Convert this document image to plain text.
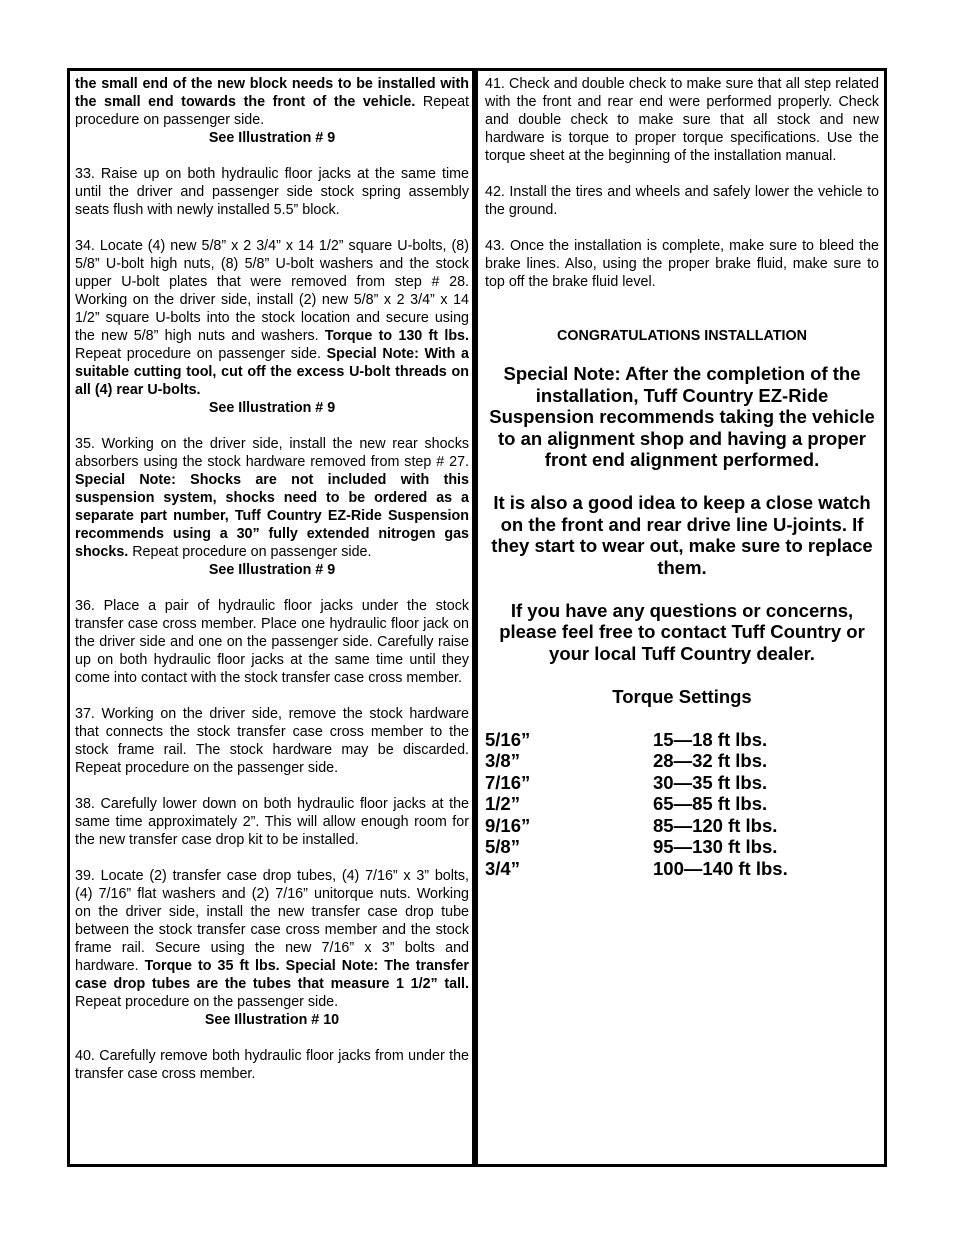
the small end of the new block needs to be installed with the small end towards the front of the vehicle. Repeat procedure on passenger side.

See Illustration # 9

33. Raise up on both hydraulic floor jacks at the same time until the driver and passenger side stock spring assembly seats flush with newly installed 5.5” block.

34. Locate (4) new 5/8” x 2 3/4” x 14 1/2” square U-bolts, (8) 5/8” U-bolt high nuts, (8) 5/8” U-bolt washers and the stock upper U-bolt plates that were removed from step # 28. Working on the driver side, install (2) new 5/8” x 2 3/4” x 14 1/2” square U-bolts into the stock location and secure using the new 5/8” high nuts and washers. Torque to 130 ft lbs. Repeat procedure on passenger side. Special Note: With a suitable cutting tool, cut off the excess U-bolt threads on all (4) rear U-bolts.

See Illustration # 9

35. Working on the driver side, install the new rear shocks absorbers using the stock hardware removed from step # 27. Special Note: Shocks are not included with this suspension system, shocks need to be ordered as a separate part number, Tuff Country EZ-Ride Suspension recommends using a 30” fully extended nitrogen gas shocks. Repeat procedure on passenger side.

See Illustration # 9

36. Place a pair of hydraulic floor jacks under the stock transfer case cross member. Place one hydraulic floor jack on the driver side and one on the passenger side. Carefully raise up on both hydraulic floor jacks at the same time until they come into contact with the stock transfer case cross member.

37. Working on the driver side, remove the stock hardware that connects the stock transfer case cross member to the stock frame rail. The stock hardware may be discarded. Repeat procedure on the passenger side.

38. Carefully lower down on both hydraulic floor jacks at the same time approximately 2”. This will allow enough room for the new transfer case drop kit to be installed.

39. Locate (2) transfer case drop tubes, (4) 7/16” x 3” bolts, (4) 7/16” flat washers and (2) 7/16” unitorque nuts. Working on the driver side, install the new transfer case drop tube between the stock transfer case cross member and the stock frame rail. Secure using the new 7/16” x 3” bolts and hardware. Torque to 35 ft lbs. Special Note: The transfer case drop tubes are the tubes that measure 1 1/2” tall. Repeat procedure on the passenger side.

See Illustration # 10

40. Carefully remove both hydraulic floor jacks from under the transfer case cross member.

41. Check and double check to make sure that all step related with the front and rear end were performed properly. Check and double check to make sure that all stock and new hardware is torque to proper torque specifications. Use the torque sheet at the beginning of the installation manual.

42. Install the tires and wheels and safely lower the vehicle to the ground.

43. Once the installation is complete, make sure to bleed the brake lines. Also, using the proper brake fluid, make sure to top off the brake fluid level.

CONGRATULATIONS INSTALLATION
Special Note: After the completion of the installation, Tuff Country EZ-Ride Suspension recommends taking the vehicle to an alignment shop and having a proper front end alignment performed.
It is also a good idea to keep a close watch on the front and rear drive line U-joints. If they start to wear out, make sure to replace them.
If you have any questions or concerns, please feel free to contact Tuff Country or your local Tuff Country dealer.
Torque Settings
5/16”	15—18 ft lbs.
3/8”	28—32 ft lbs.
7/16”	30—35 ft lbs.
1/2”	65—85 ft lbs.
9/16”	85—120 ft lbs.
5/8”	95—130 ft lbs.
3/4”	100—140 ft lbs.
